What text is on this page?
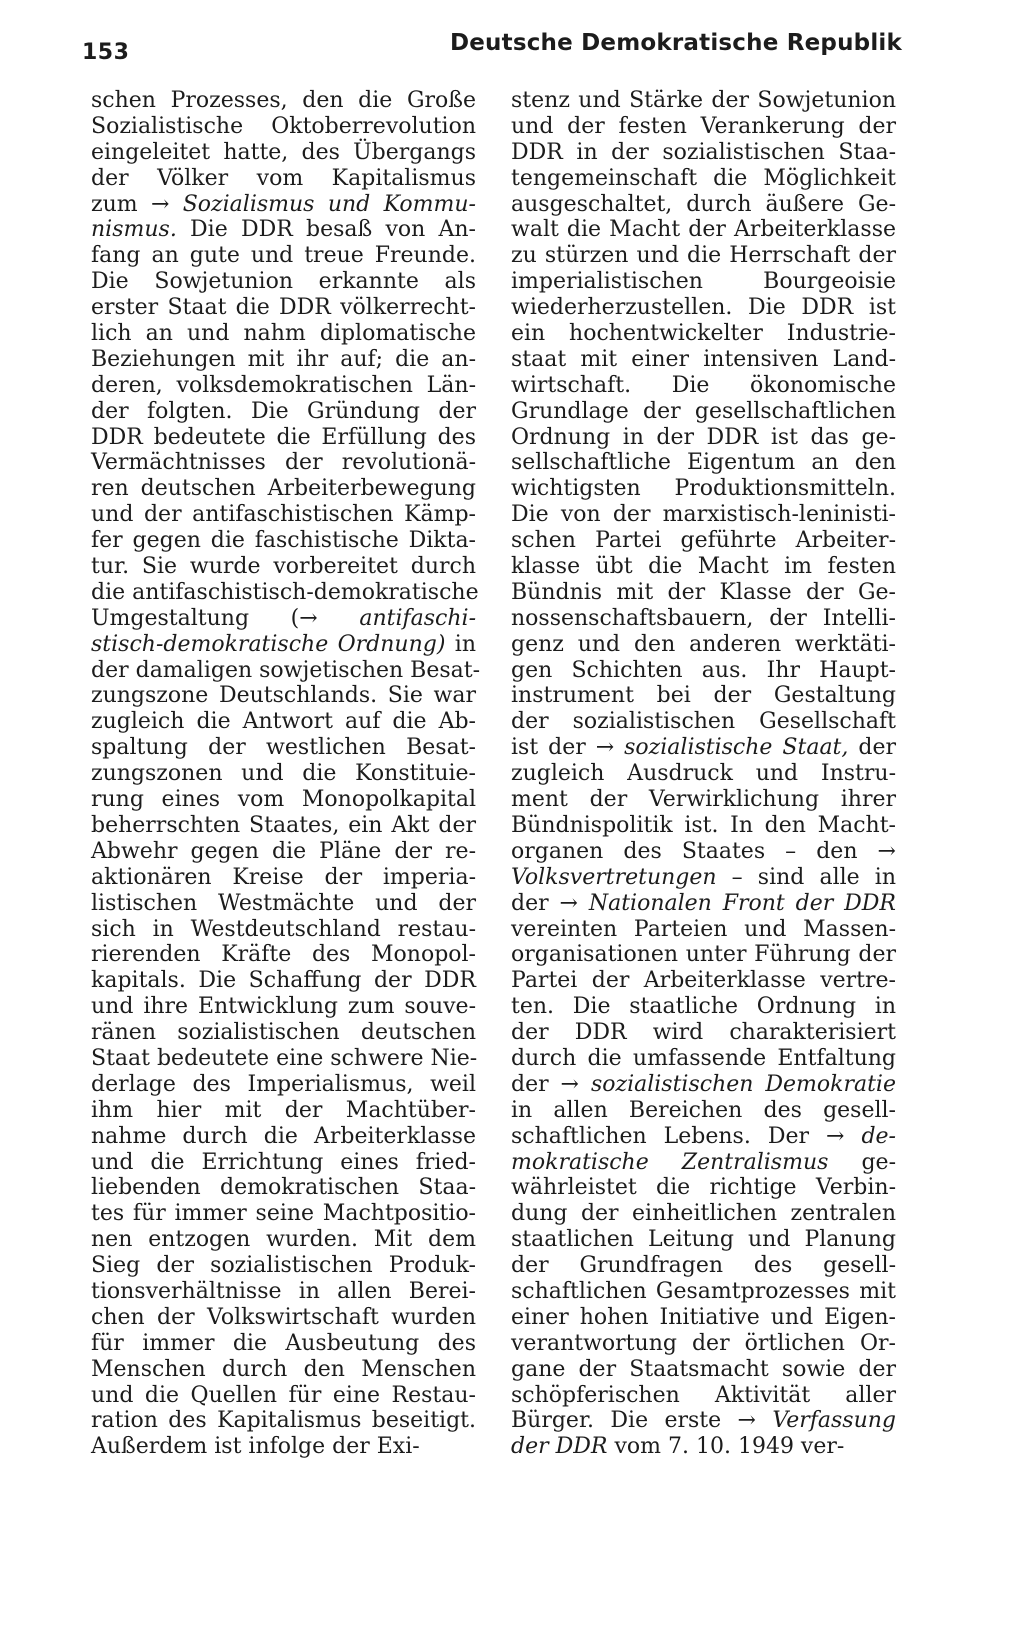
153	Deutsche Demokratische Republik
schen Prozesses, den die Große
Sozialistische Oktoberrevolution
eingeleitet hatte, des Übergangs
der Völker vom Kapitalismus
zum → Sozialismus und Kommu-
nismus. Die DDR besaß von An-
fang an gute und treue Freunde.
Die Sowjetunion erkannte als
erster Staat die DDR völkerrecht-
lich an und nahm diplomatische
Beziehungen mit ihr auf; die an-
deren, volksdemokratischen Län-
der folgten. Die Gründung der
DDR bedeutete die Erfüllung des
Vermächtnisses der revolutionä-
ren deutschen Arbeiterbewegung
und der antifaschistischen Kämp-
fer gegen die faschistische Dikta-
tur. Sie wurde vorbereitet durch
die antifaschistisch-demokratische
Umgestaltung (→ antifaschi-
stisch-demokratische Ordnung) in
der damaligen sowjetischen Besat-
zungszone Deutschlands. Sie war
zugleich die Antwort auf die Ab-
spaltung der westlichen Besat-
zungszonen und die Konstituie-
rung eines vom Monopolkapital
beherrschten Staates, ein Akt der
Abwehr gegen die Pläne der re-
aktionären Kreise der imperia-
listischen Westmächte und der
sich in Westdeutschland restau-
rierenden Kräfte des Monopol-
kapitals. Die Schaffung der DDR
und ihre Entwicklung zum souve-
ränen sozialistischen deutschen
Staat bedeutete eine schwere Nie-
derlage des Imperialismus, weil
ihm hier mit der Machtüber-
nahme durch die Arbeiterklasse
und die Errichtung eines fried-
liebenden demokratischen Staa-
tes für immer seine Machtpositio-
nen entzogen wurden. Mit dem
Sieg der sozialistischen Produk-
tionsverhältnisse in allen Berei-
chen der Volkswirtschaft wurden
für immer die Ausbeutung des
Menschen durch den Menschen
und die Quellen für eine Restau-
ration des Kapitalismus beseitigt.
Außerdem ist infolge der Exi-
stenz und Stärke der Sowjetunion
und der festen Verankerung der
DDR in der sozialistischen Staa-
tengemeinschaft die Möglichkeit
ausgeschaltet, durch äußere Ge-
walt die Macht der Arbeiterklasse
zu stürzen und die Herrschaft der
imperialistischen Bourgeoisie
wiederherzustellen. Die DDR ist
ein hochentwickelter Industrie-
staat mit einer intensiven Land-
wirtschaft. Die ökonomische
Grundlage der gesellschaftlichen
Ordnung in der DDR ist das ge-
sellschaftliche Eigentum an den
wichtigsten Produktionsmitteln.
Die von der marxistisch-leninisti-
schen Partei geführte Arbeiter-
klasse übt die Macht im festen
Bündnis mit der Klasse der Ge-
nossenschaftsbauern, der Intelli-
genz und den anderen werktäti-
gen Schichten aus. Ihr Haupt-
instrument bei der Gestaltung
der sozialistischen Gesellschaft
ist der → sozialistische Staat, der
zugleich Ausdruck und Instru-
ment der Verwirklichung ihrer
Bündnispolitik ist. In den Macht-
organen des Staates – den →
Volksvertretungen – sind alle in
der → Nationalen Front der DDR
vereinten Parteien und Massen-
organisationen unter Führung der
Partei der Arbeiterklasse vertre-
ten. Die staatliche Ordnung in
der DDR wird charakterisiert
durch die umfassende Entfaltung
der → sozialistischen Demokratie
in allen Bereichen des gesell-
schaftlichen Lebens. Der → de-
mokratische Zentralismus ge-
währleistet die richtige Verbin-
dung der einheitlichen zentralen
staatlichen Leitung und Planung
der Grundfragen des gesell-
schaftlichen Gesamtprozesses mit
einer hohen Initiative und Eigen-
verantwortung der örtlichen Or-
gane der Staatsmacht sowie der
schöpferischen Aktivität aller
Bürger. Die erste → Verfassung
der DDR vom 7. 10. 1949 ver-
